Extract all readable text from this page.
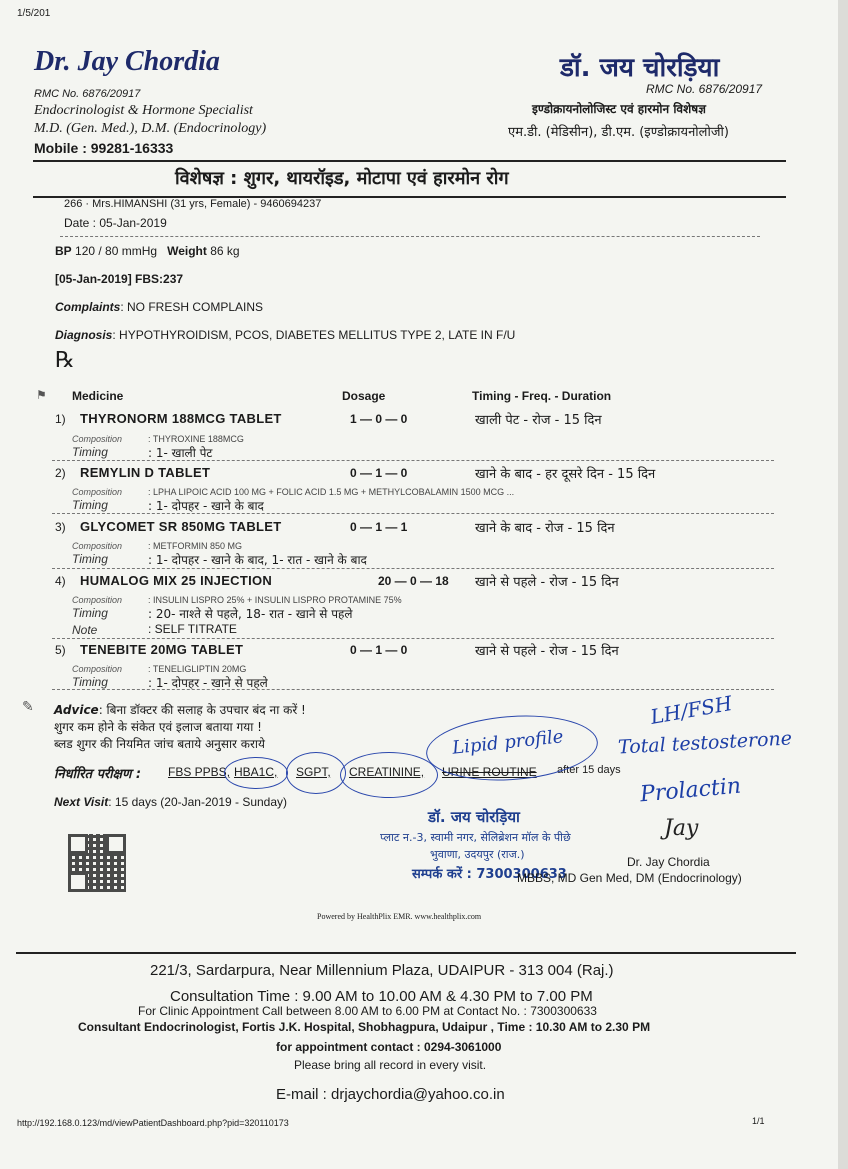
1/5/201
Dr. Jay Chordia
RMC No. 6876/20917
Endocrinologist & Hormone Specialist
M.D. (Gen. Med.), D.M. (Endocrinology)
Mobile : 99281-16333
डॉ. जय चोरड़िया
RMC No. 6876/20917
इण्डोक्रायनोलोजिस्ट एवं हारमोन विशेषज्ञ
एम.डी. (मेडिसीन), डी.एम. (इण्डोक्रायनोलोजी)
विशेषज्ञ : शुगर, थायरॉइड, मोटापा एवं हारमोन रोग
266 · Mrs.HIMANSHI (31 yrs, Female) - 9460694237
Date : 05-Jan-2019
BP 120 / 80 mmHg Weight 86 kg
[05-Jan-2019] FBS:237
Complaints: NO FRESH COMPLAINS
Diagnosis: HYPOTHYROIDISM, PCOS, DIABETES MELLITUS TYPE 2, LATE IN F/U
℞
⚑ Medicine	Dosage	Timing - Freq. - Duration
1) THYRONORM 188MCG TABLET	1 — 0 — 0	खाली पेट - रोज - 15 दिन
Composition	: THYROXINE 188MCG
Timing	: 1- खाली पेट
2) REMYLIN D TABLET	0 — 1 — 0	खाने के बाद - हर दूसरे दिन - 15 दिन
Composition	: LPHA LIPOIC ACID 100 MG + FOLIC ACID 1.5 MG + METHYLCOBALAMIN 1500 MCG ...
Timing	: 1- दोपहर - खाने के बाद
3) GLYCOMET SR 850MG TABLET	0 — 1 — 1	खाने के बाद - रोज - 15 दिन
Composition	: METFORMIN 850 MG
Timing	: 1- दोपहर - खाने के बाद, 1- रात - खाने के बाद
4) HUMALOG MIX 25 INJECTION	20 — 0 — 18 खाने से पहले - रोज - 15 दिन
Composition	: INSULIN LISPRO 25% + INSULIN LISPRO PROTAMINE 75%
Timing	: 20- नाश्ते से पहले, 18- रात - खाने से पहले
Note	: SELF TITRATE
5) TENEBITE 20MG TABLET	0 — 1 — 0	खाने से पहले - रोज - 15 दिन
Composition	: TENELIGLIPTIN 20MG
Timing	: 1- दोपहर - खाने से पहले
✎ Advice: बिना डॉक्टर की सलाह के उपचार बंद ना करें !
शुगर कम होने के संकेत एवं इलाज बताया गया !
ब्लड शुगर की नियमित जांच बताये अनुसार कराये
निर्धारित परीक्षण : FBS PPBS, HBA1C, SGPT, CREATININE, URINE ROUTINE after 15 days
Next Visit: 15 days (20-Jan-2019 - Sunday)
Lipid profile
LH/FSH
Total testosterone
Prolactin
डॉ. जय चोरड़िया
प्लाट न.-3, स्वामी नगर, सेलिब्रेशन मॉल के पीछे
भुवाणा, उदयपुर (राज.)
सम्पर्क करें : 7300300633
Jay
Dr. Jay Chordia
MBBS, MD Gen Med, DM (Endocrinology)
Powered by HealthPlix EMR. www.healthplix.com
221/3, Sardarpura, Near Millennium Plaza, UDAIPUR - 313 004 (Raj.)
Consultation Time : 9.00 AM to 10.00 AM & 4.30 PM to 7.00 PM
For Clinic Appointment Call between 8.00 AM to 6.00 PM at Contact No. : 7300300633
Consultant Endocrinologist, Fortis J.K. Hospital, Shobhagpura, Udaipur , Time : 10.30 AM to 2.30 PM
for appointment contact : 0294-3061000
Please bring all record in every visit.
E-mail : drjaychordia@yahoo.co.in
http://192.168.0.123/md/viewPatientDashboard.php?pid=320110173	1/1
